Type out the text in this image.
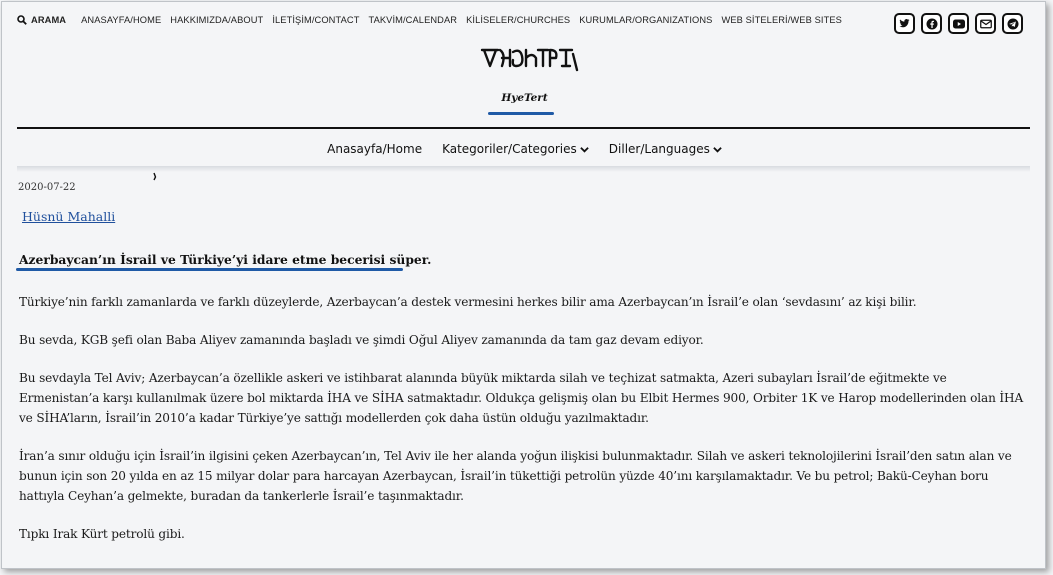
ARAMA ANASAYFA/HOME HAKKIMIZDA/ABOUT İLETİŞİM/CONTACT TAKVİM/CALENDAR KİLİSELER/CHURCHES KURUMLAR/ORGANIZATIONS WEB SİTELERİ/WEB SITES
HyeTert
Anasayfa/Home Kategoriler/Categories	Diller/Languages
2020-07-22
Hüsnü Mahalli
Azerbaycan’ın İsrail ve Türkiye’yi idare etme becerisi süper.

Türkiye’nin farklı zamanlarda ve farklı düzeylerde, Azerbaycan’a destek vermesini herkes bilir ama Azerbaycan’ın İsrail’e olan ‘sevdasını’ az kişi bilir.

Bu sevda, KGB şefi olan Baba Aliyev zamanında başladı ve şimdi Oğul Aliyev zamanında da tam gaz devam ediyor.

Bu sevdayla Tel Aviv; Azerbaycan’a özellikle askeri ve istihbarat alanında büyük miktarda silah ve teçhizat satmakta, Azeri subayları İsrail’de eğitmekte ve Ermenistan’a karşı kullanılmak üzere bol miktarda İHA ve SİHA satmaktadır. Oldukça gelişmiş olan bu Elbit Hermes 900, Orbiter 1K ve Harop modellerinden olan İHA ve SİHA’ların, İsrail’in 2010’a kadar Türkiye’ye sattığı modellerden çok daha üstün olduğu yazılmaktadır.

İran’a sınır olduğu için İsrail’in ilgisini çeken Azerbaycan’ın, Tel Aviv ile her alanda yoğun ilişkisi bulunmaktadır. Silah ve askeri teknolojilerini İsrail’den satın alan ve bunun için son 20 yılda en az 15 milyar dolar para harcayan Azerbaycan, İsrail’in tükettiği petrolün yüzde 40’ını karşılamaktadır. Ve bu petrol; Bakü-Ceyhan boru hattıyla Ceyhan’a gelmekte, buradan da tankerlerle İsrail’e taşınmaktadır.

Tıpkı Irak Kürt petrolü gibi.
